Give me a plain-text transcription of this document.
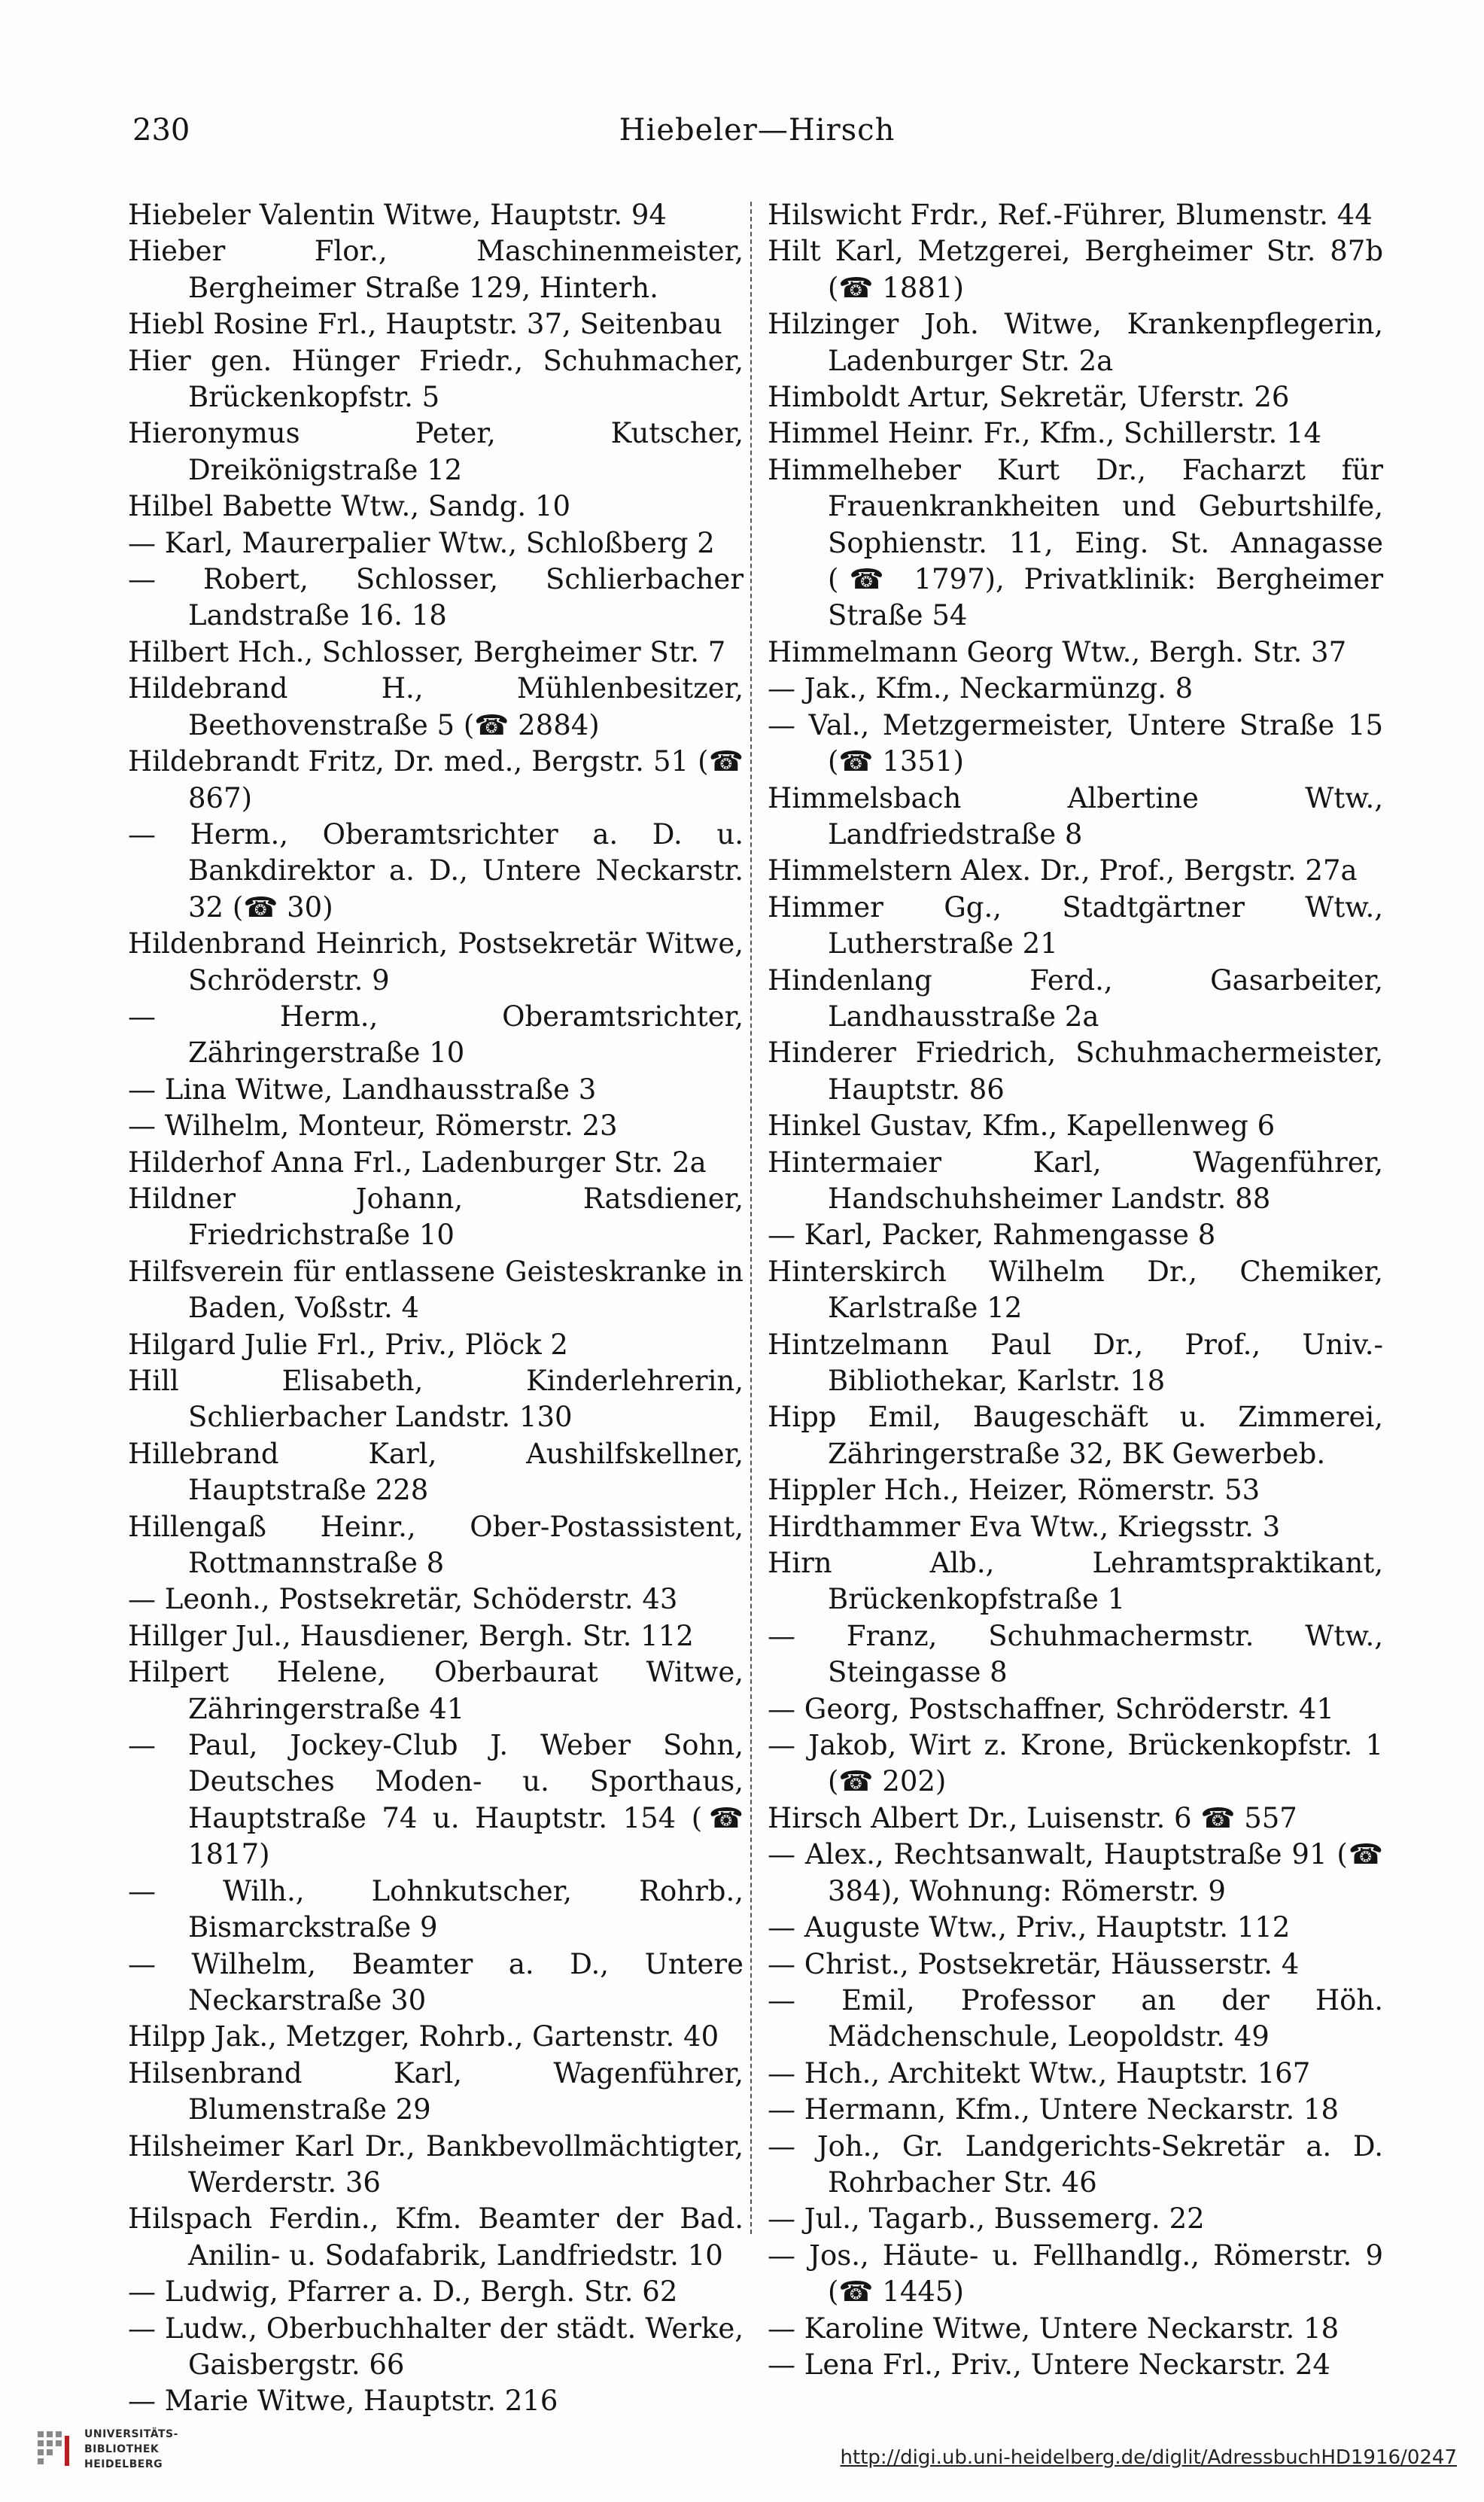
230	Hiebeler—Hirsch

Hiebeler Valentin Witwe, Hauptstr. 94

Hieber Flor., Maschinenmeister, Bergheimer Straße 129, Hinterh.

Hiebl Rosine Frl., Hauptstr. 37, Seitenbau

Hier gen. Hünger Friedr., Schuhmacher, Brückenkopfstr. 5

Hieronymus Peter, Kutscher, Dreikönigstraße 12

Hilbel Babette Wtw., Sandg. 10

— Karl, Maurerpalier Wtw., Schloßberg 2

— Robert, Schlosser, Schlierbacher Landstraße 16. 18

Hilbert Hch., Schlosser, Bergheimer Str. 7

Hildebrand H., Mühlenbesitzer, Beethovenstraße 5 (☎ 2884)

Hildebrandt Fritz, Dr. med., Bergstr. 51 (☎ 867)

— Herm., Oberamtsrichter a. D. u. Bankdirektor a. D., Untere Neckarstr. 32 (☎ 30)

Hildenbrand Heinrich, Postsekretär Witwe, Schröderstr. 9

— Herm., Oberamtsrichter, Zähringerstraße 10

— Lina Witwe, Landhausstraße 3

— Wilhelm, Monteur, Römerstr. 23

Hilderhof Anna Frl., Ladenburger Str. 2a

Hildner Johann, Ratsdiener, Friedrichstraße 10

Hilfsverein für entlassene Geisteskranke in Baden, Voßstr. 4

Hilgard Julie Frl., Priv., Plöck 2

Hill Elisabeth, Kinderlehrerin, Schlierbacher Landstr. 130

Hillebrand Karl, Aushilfskellner, Hauptstraße 228

Hillengaß Heinr., Ober-Postassistent, Rottmannstraße 8

— Leonh., Postsekretär, Schöderstr. 43

Hillger Jul., Hausdiener, Bergh. Str. 112

Hilpert Helene, Oberbaurat Witwe, Zähringerstraße 41

— Paul, Jockey-Club J. Weber Sohn, Deutsches Moden- u. Sporthaus, Hauptstraße 74 u. Hauptstr. 154 (☎ 1817)

— Wilh., Lohnkutscher, Rohrb., Bismarckstraße 9

— Wilhelm, Beamter a. D., Untere Neckarstraße 30

Hilpp Jak., Metzger, Rohrb., Gartenstr. 40

Hilsenbrand Karl, Wagenführer, Blumenstraße 29

Hilsheimer Karl Dr., Bankbevollmächtigter, Werderstr. 36

Hilspach Ferdin., Kfm. Beamter der Bad. Anilin- u. Sodafabrik, Landfriedstr. 10

— Ludwig, Pfarrer a. D., Bergh. Str. 62

— Ludw., Oberbuchhalter der städt. Werke, Gaisbergstr. 66

— Marie Witwe, Hauptstr. 216

Hilswicht Frdr., Ref.-Führer, Blumenstr. 44

Hilt Karl, Metzgerei, Bergheimer Str. 87b (☎ 1881)

Hilzinger Joh. Witwe, Krankenpflegerin, Ladenburger Str. 2a

Himboldt Artur, Sekretär, Uferstr. 26

Himmel Heinr. Fr., Kfm., Schillerstr. 14

Himmelheber Kurt Dr., Facharzt für Frauenkrankheiten und Geburtshilfe, Sophienstr. 11, Eing. St. Annagasse (☎ 1797), Privatklinik: Bergheimer Straße 54

Himmelmann Georg Wtw., Bergh. Str. 37

— Jak., Kfm., Neckarmünzg. 8

— Val., Metzgermeister, Untere Straße 15 (☎ 1351)

Himmelsbach Albertine Wtw., Landfriedstraße 8

Himmelstern Alex. Dr., Prof., Bergstr. 27a

Himmer Gg., Stadtgärtner Wtw., Lutherstraße 21

Hindenlang Ferd., Gasarbeiter, Landhausstraße 2a

Hinderer Friedrich, Schuhmachermeister, Hauptstr. 86

Hinkel Gustav, Kfm., Kapellenweg 6

Hintermaier Karl, Wagenführer, Handschuhsheimer Landstr. 88

— Karl, Packer, Rahmengasse 8

Hinterskirch Wilhelm Dr., Chemiker, Karlstraße 12

Hintzelmann Paul Dr., Prof., Univ.-Bibliothekar, Karlstr. 18

Hipp Emil, Baugeschäft u. Zimmerei, Zähringerstraße 32, BK Gewerbeb.

Hippler Hch., Heizer, Römerstr. 53

Hirdthammer Eva Wtw., Kriegsstr. 3

Hirn Alb., Lehramtspraktikant, Brückenkopfstraße 1

— Franz, Schuhmachermstr. Wtw., Steingasse 8

— Georg, Postschaffner, Schröderstr. 41

— Jakob, Wirt z. Krone, Brückenkopfstr. 1 (☎ 202)

Hirsch Albert Dr., Luisenstr. 6 ☎ 557

— Alex., Rechtsanwalt, Hauptstraße 91 (☎ 384), Wohnung: Römerstr. 9

— Auguste Wtw., Priv., Hauptstr. 112

— Christ., Postsekretär, Häusserstr. 4

— Emil, Professor an der Höh. Mädchenschule, Leopoldstr. 49

— Hch., Architekt Wtw., Hauptstr. 167

— Hermann, Kfm., Untere Neckarstr. 18

— Joh., Gr. Landgerichts-Sekretär a. D. Rohrbacher Str. 46

— Jul., Tagarb., Bussemerg. 22

— Jos., Häute- u. Fellhandlg., Römerstr. 9 (☎ 1445)

— Karoline Witwe, Untere Neckarstr. 18

— Lena Frl., Priv., Untere Neckarstr. 24

UNIVERSITÄTS-
BIBLIOTHEK
HEIDELBERG	http://digi.ub.uni-heidelberg.de/diglit/AdressbuchHD1916/0247
